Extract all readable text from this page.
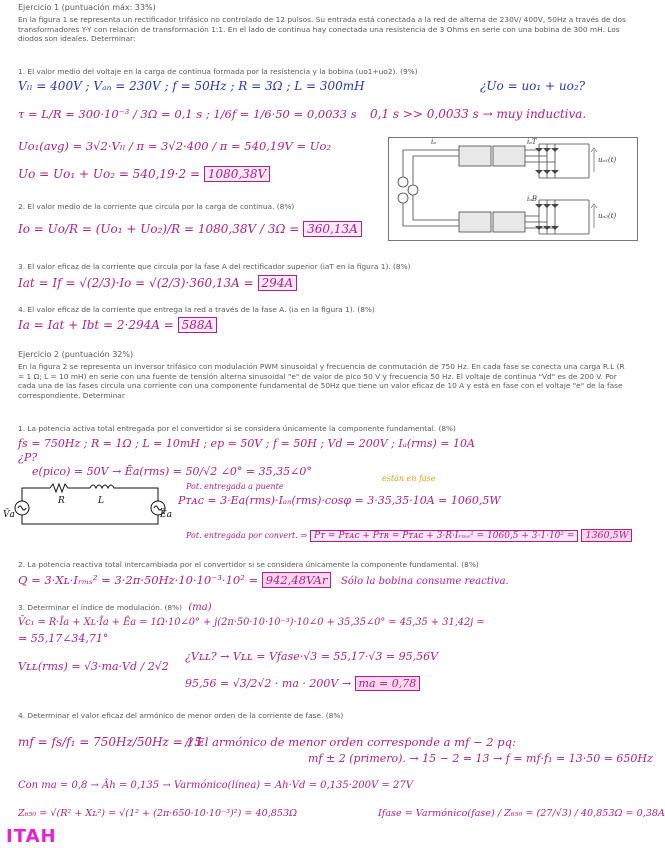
Ejercicio 1 (puntuación máx: 33%)
En la figura 1 se representa un rectificador trifásico no controlado de 12 pulsos. Su entrada está conectada a la red de alterna de 230V/ 400V, 50Hz a través de dos transformadores Y-Y con relación de transformación 1:1. En el lado de continua hay conectada una resistencia de 3 Ohms en serie con una bobina de 300 mH. Los diodos son ideales. Determinar:
1. El valor medio del voltaje en la carga de continua formada por la resistencia y la bobina (uo1+uo2). (9%)
Vₗₗ = 400V ; Vₐₙ = 230V ; f = 50Hz ; R = 3Ω ; L = 300mH	¿Uo = uo₁ + uo₂?
τ = L/R = 300·10⁻³ / 3Ω = 0,1 s ; 1/6f = 1/6·50 = 0,0033 s 0,1 s >> 0,0033 s → muy inductiva.
Uo₁(avg) = 3√2·Vₗₗ / π = 3√2·400 / π = 540,19V = Uo₂
Uo = Uo₁ + Uo₂ = 540,19·2 = 1080,38V
iₐ	iₐT
iₐB
uₒ₁(t)
uₒ₂(t)
2. El valor medio de la corriente que circula por la carga de continua. (8%)
Io = Uo/R = (Uo₁ + Uo₂)/R = 1080,38V / 3Ω = 360,13A
3. El valor eficaz de la corriente que circula por la fase A del rectificador superior (iaT en la figura 1). (8%)
Iat = If = √(2/3)·Io = √(2/3)·360,13A = 294A
4. El valor eficaz de la corriente que entrega la red a través de la fase A. (ia en la figura 1). (8%)
Ia = Iat + Ibt = 2·294A = 588A
Ejercicio 2 (puntuación 32%)
En la figura 2 se representa un inversor trifásico con modulación PWM sinusoidal y frecuencia de conmutación de 750 Hz. En cada fase se conecta una carga R.L (R = 1 Ω; L = 10 mH) en serie con una fuente de tensión alterna sinusoidal "e" de valor de pico 50 V y frecuencia 50 Hz. El voltaje de continua "Vd" es de 200 V. Por cada una de las fases circula una corriente con una componente fundamental de 50Hz que tiene un valor eficaz de 10 A y está en fase con el voltaje "e" de la fase correspondiente. Determinar
1. La potencia activa total entregada por el convertidor si se considera únicamente la componente fundamental. (8%)
fs = 750Hz ; R = 1Ω ; L = 10mH ; ep = 50V ; f = 50H ; Vd = 200V ; Iₐ(rms) = 10A
¿P?
e(pico) = 50V → Ēa(rms) = 50/√2 ∠0° = 35,35∠0°
están en fase
Pot. entregada a puente
Pᴛᴀᴄ = 3·Ea(rms)·Iₐₙ(rms)·cosφ = 3·35,35·10A = 1060,5W
R	L
V̄a	Ēa
Pot. entregada por convert. ⇒ Pᴛ = Pᴛᴀᴄ + Pᴛʀ = Pᴛᴀᴄ + 3·R·Iᵣₘₛ² = 1060,5 + 3·1·10² = 1360,5W
2. La potencia reactiva total intercambiada por el convertidor si se considera únicamente la componente fundamental. (8%)
Q = 3·Xʟ·Iᵣₘₛ² = 3·2π·50Hz·10·10⁻³·10² = 942,48VAr Sólo la bobina consume reactiva.
3. Determinar el índice de modulación. (8%) (ma)
V̄c₁ = R·Īa + Xʟ·Īa + Ēa = 1Ω·10∠0° + j(2π·50·10·10⁻³)·10∠0 + 35,35∠0° = 45,35 + 31,42j =
= 55,17∠34,71°
Vʟʟ(rms) = √3·ma·Vd / 2√2
¿Vʟʟ? → Vʟʟ = Vfase·√3 = 55,17·√3 = 95,56V
95,56 = √3/2√2 · ma · 200V → ma = 0,78
4. Determinar el valor eficaz del armónico de menor orden de la corriente de fase. (8%)
mf = fs/f₁ = 750Hz/50Hz = 15
// El armónico de menor orden corresponde a mf − 2 pq:
mf ± 2 (primero). → 15 − 2 = 13 → f = mf·f₁ = 13·50 = 650Hz
Con ma = 0,8 → Âh = 0,135 → Varmónico(línea) = Ah·Vd = 0,135·200V = 27V
Z₆₅₀ = √(R² + Xʟ²) = √(1² + (2π·650·10·10⁻³)²) = 40,853Ω	Ifase = Varmónico(fase) / Z₆₅₀ = (27/√3) / 40,853Ω = 0,38A
ITAH
